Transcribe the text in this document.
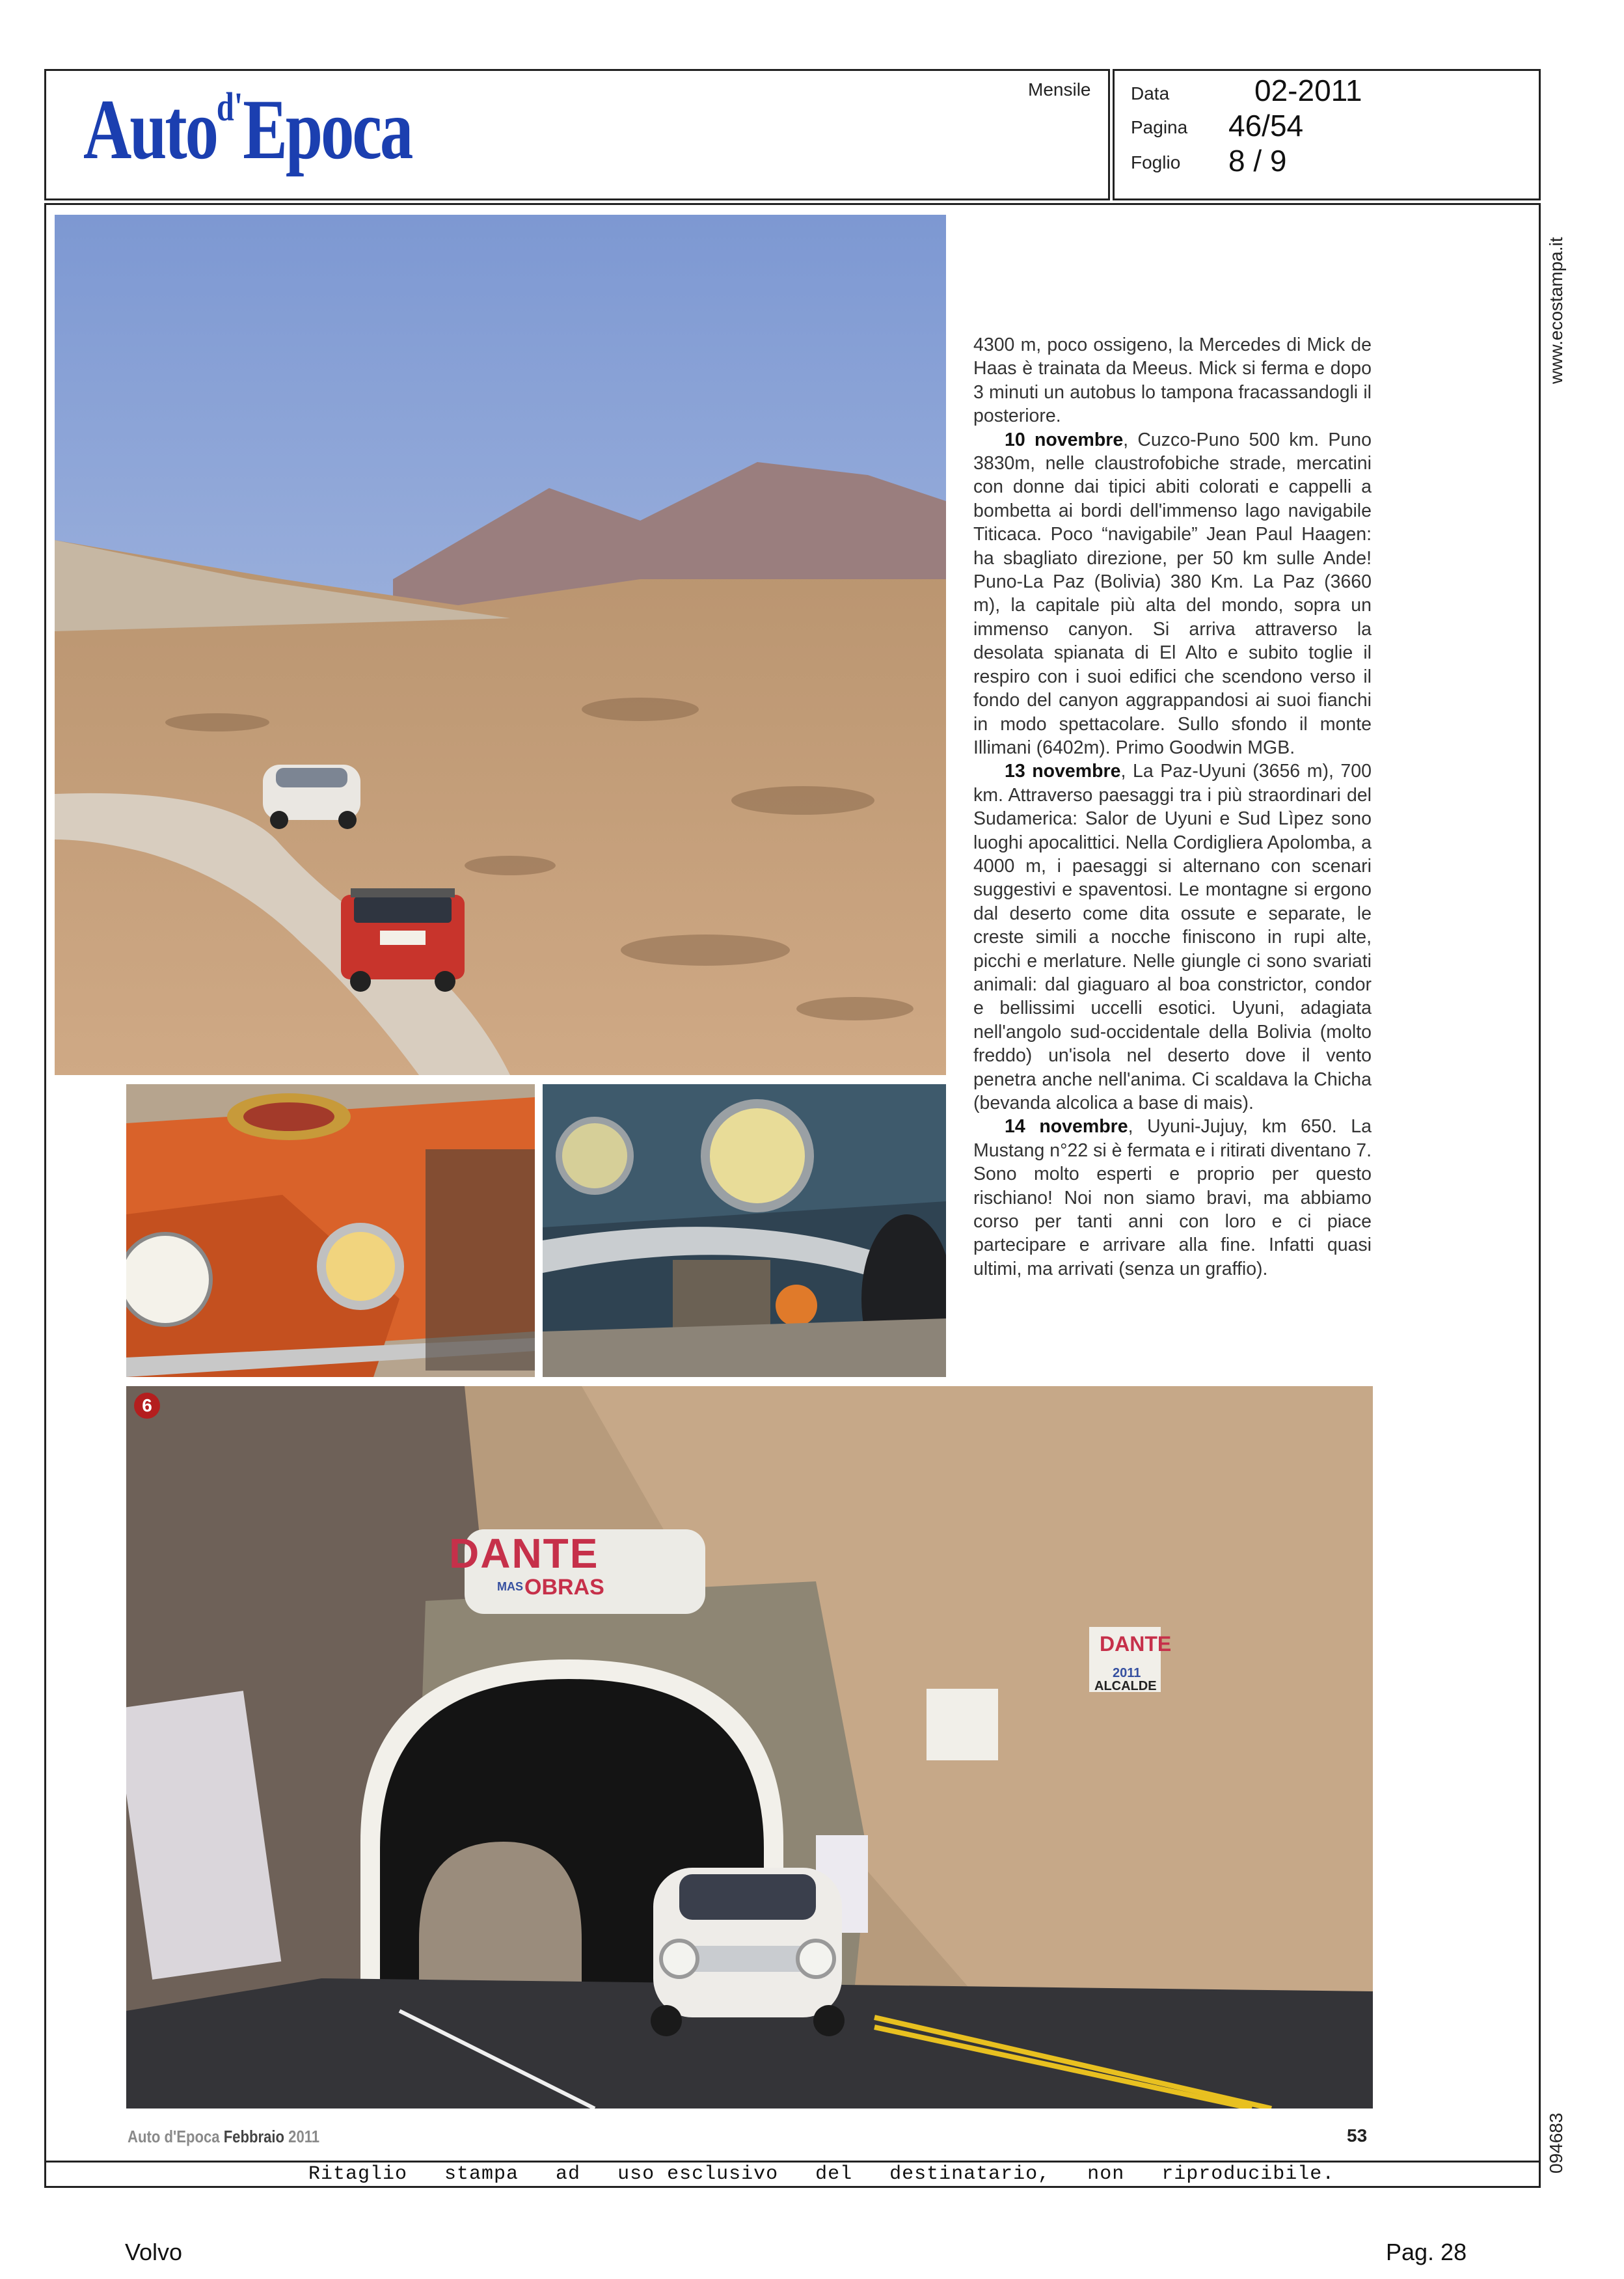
Auto$^{d'}$Epoca	Mensile Data	02-2011
Pagina 46/54
Foglio 8 / 9
www.ecostampa.it
094683

4300 m, poco ossigeno, la Mercedes di Mick de Haas è trainata da Meeus. Mick si ferma e dopo 3 minuti un autobus lo tampona fracassandogli il posteriore.

10 novembre, Cuzco-Puno 500 km. Puno 3830m, nelle claustrofobiche strade, mercatini con donne dai tipici abiti colorati e cappelli a bombetta ai bordi dell'immenso lago navigabile Titicaca. Poco “navigabile” Jean Paul Haagen: ha sbagliato direzione, per 50 km sulle Ande! Puno-La Paz (Bolivia) 380 Km. La Paz (3660 m), la capitale più alta del mondo, sopra un immenso canyon. Si arriva attraverso la desolata spianata di El Alto e subito toglie il respiro con i suoi edifici che scendono verso il fondo del canyon aggrappandosi ai suoi fianchi in modo spettacolare. Sullo sfondo il monte Illimani (6402m). Primo Goodwin MGB.

13 novembre, La Paz-Uyuni (3656 m), 700 km. Attraverso paesaggi tra i più straordinari del Sudamerica: Salor de Uyuni e Sud Lìpez sono luoghi apocalittici. Nella Cordigliera Apolomba, a 4000 m, i paesaggi si alternano con scenari suggestivi e spaventosi. Le montagne si ergono dal deserto come dita ossute e separate, le creste simili a nocche finiscono in rupi alte, picchi e merlature. Nelle giungle ci sono svariati animali: dal giaguaro al boa constrictor, condor e bellissimi uccelli esotici. Uyuni, adagiata nell'angolo sud-occidentale della Bolivia (molto freddo) un'isola nel deserto dove il vento penetra anche nell'anima. Ci scaldava la Chicha (bevanda alcolica a base di mais).

14 novembre, Uyuni-Jujuy, km 650. La Mustang n°22 si è fermata e i ritirati diventano 7. Sono molto esperti e proprio per questo rischiano! Noi non siamo bravi, ma abbiamo corso per tanti anni con loro e ci piace partecipare e arrivare alla fine. Infatti quasi ultimi, ma arrivati (senza un graffio).

6
DANTE
MAS OBRAS
DANTE
2011
ALCALDE
Auto d'Epoca Febbraio 2011	53
Ritaglio   stampa   ad   uso esclusivo   del   destinatario,   non   riproducibile.
Volvo	Pag. 28
